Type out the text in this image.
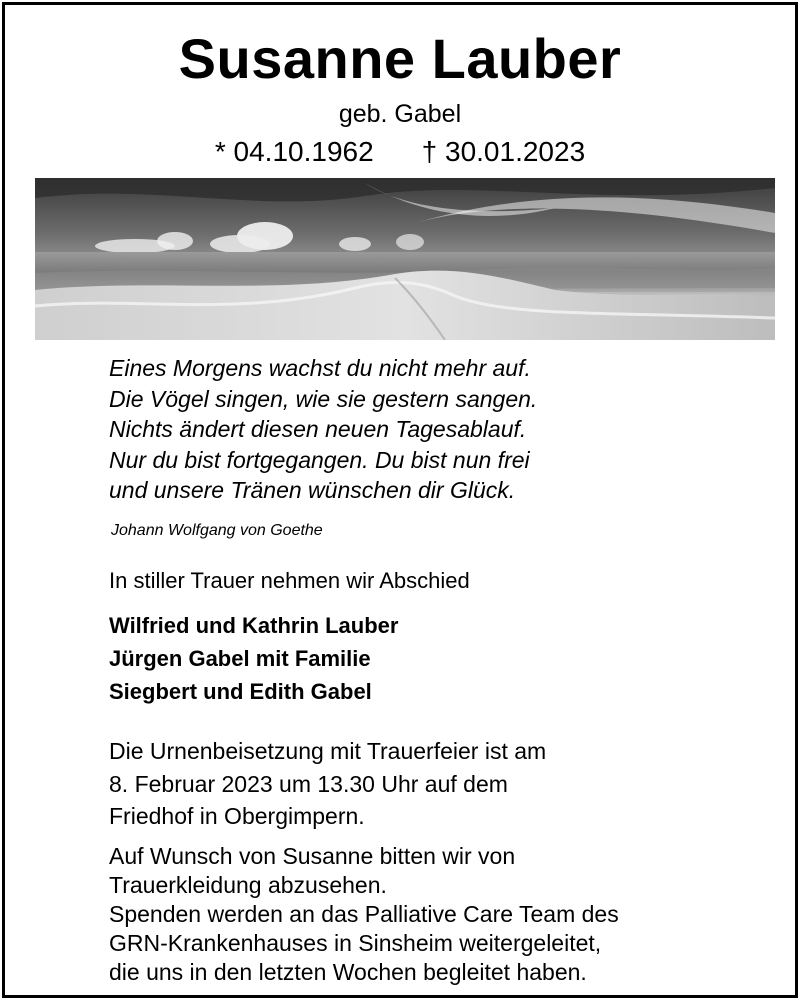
Susanne Lauber
geb. Gabel
* 04.10.1962 † 30.01.2023
Eines Morgens wachst du nicht mehr auf.
Die Vögel singen, wie sie gestern sangen.
Nichts ändert diesen neuen Tagesablauf.
Nur du bist fortgegangen. Du bist nun frei
und unsere Tränen wünschen dir Glück.
Johann Wolfgang von Goethe
In stiller Trauer nehmen wir Abschied
Wilfried und Kathrin Lauber
Jürgen Gabel mit Familie
Siegbert und Edith Gabel
Die Urnenbeisetzung mit Trauerfeier ist am
8. Februar 2023 um 13.30 Uhr auf dem
Friedhof in Obergimpern.
Auf Wunsch von Susanne bitten wir von
Trauerkleidung abzusehen.
Spenden werden an das Palliative Care Team des
GRN-Krankenhauses in Sinsheim weitergeleitet,
die uns in den letzten Wochen begleitet haben.
